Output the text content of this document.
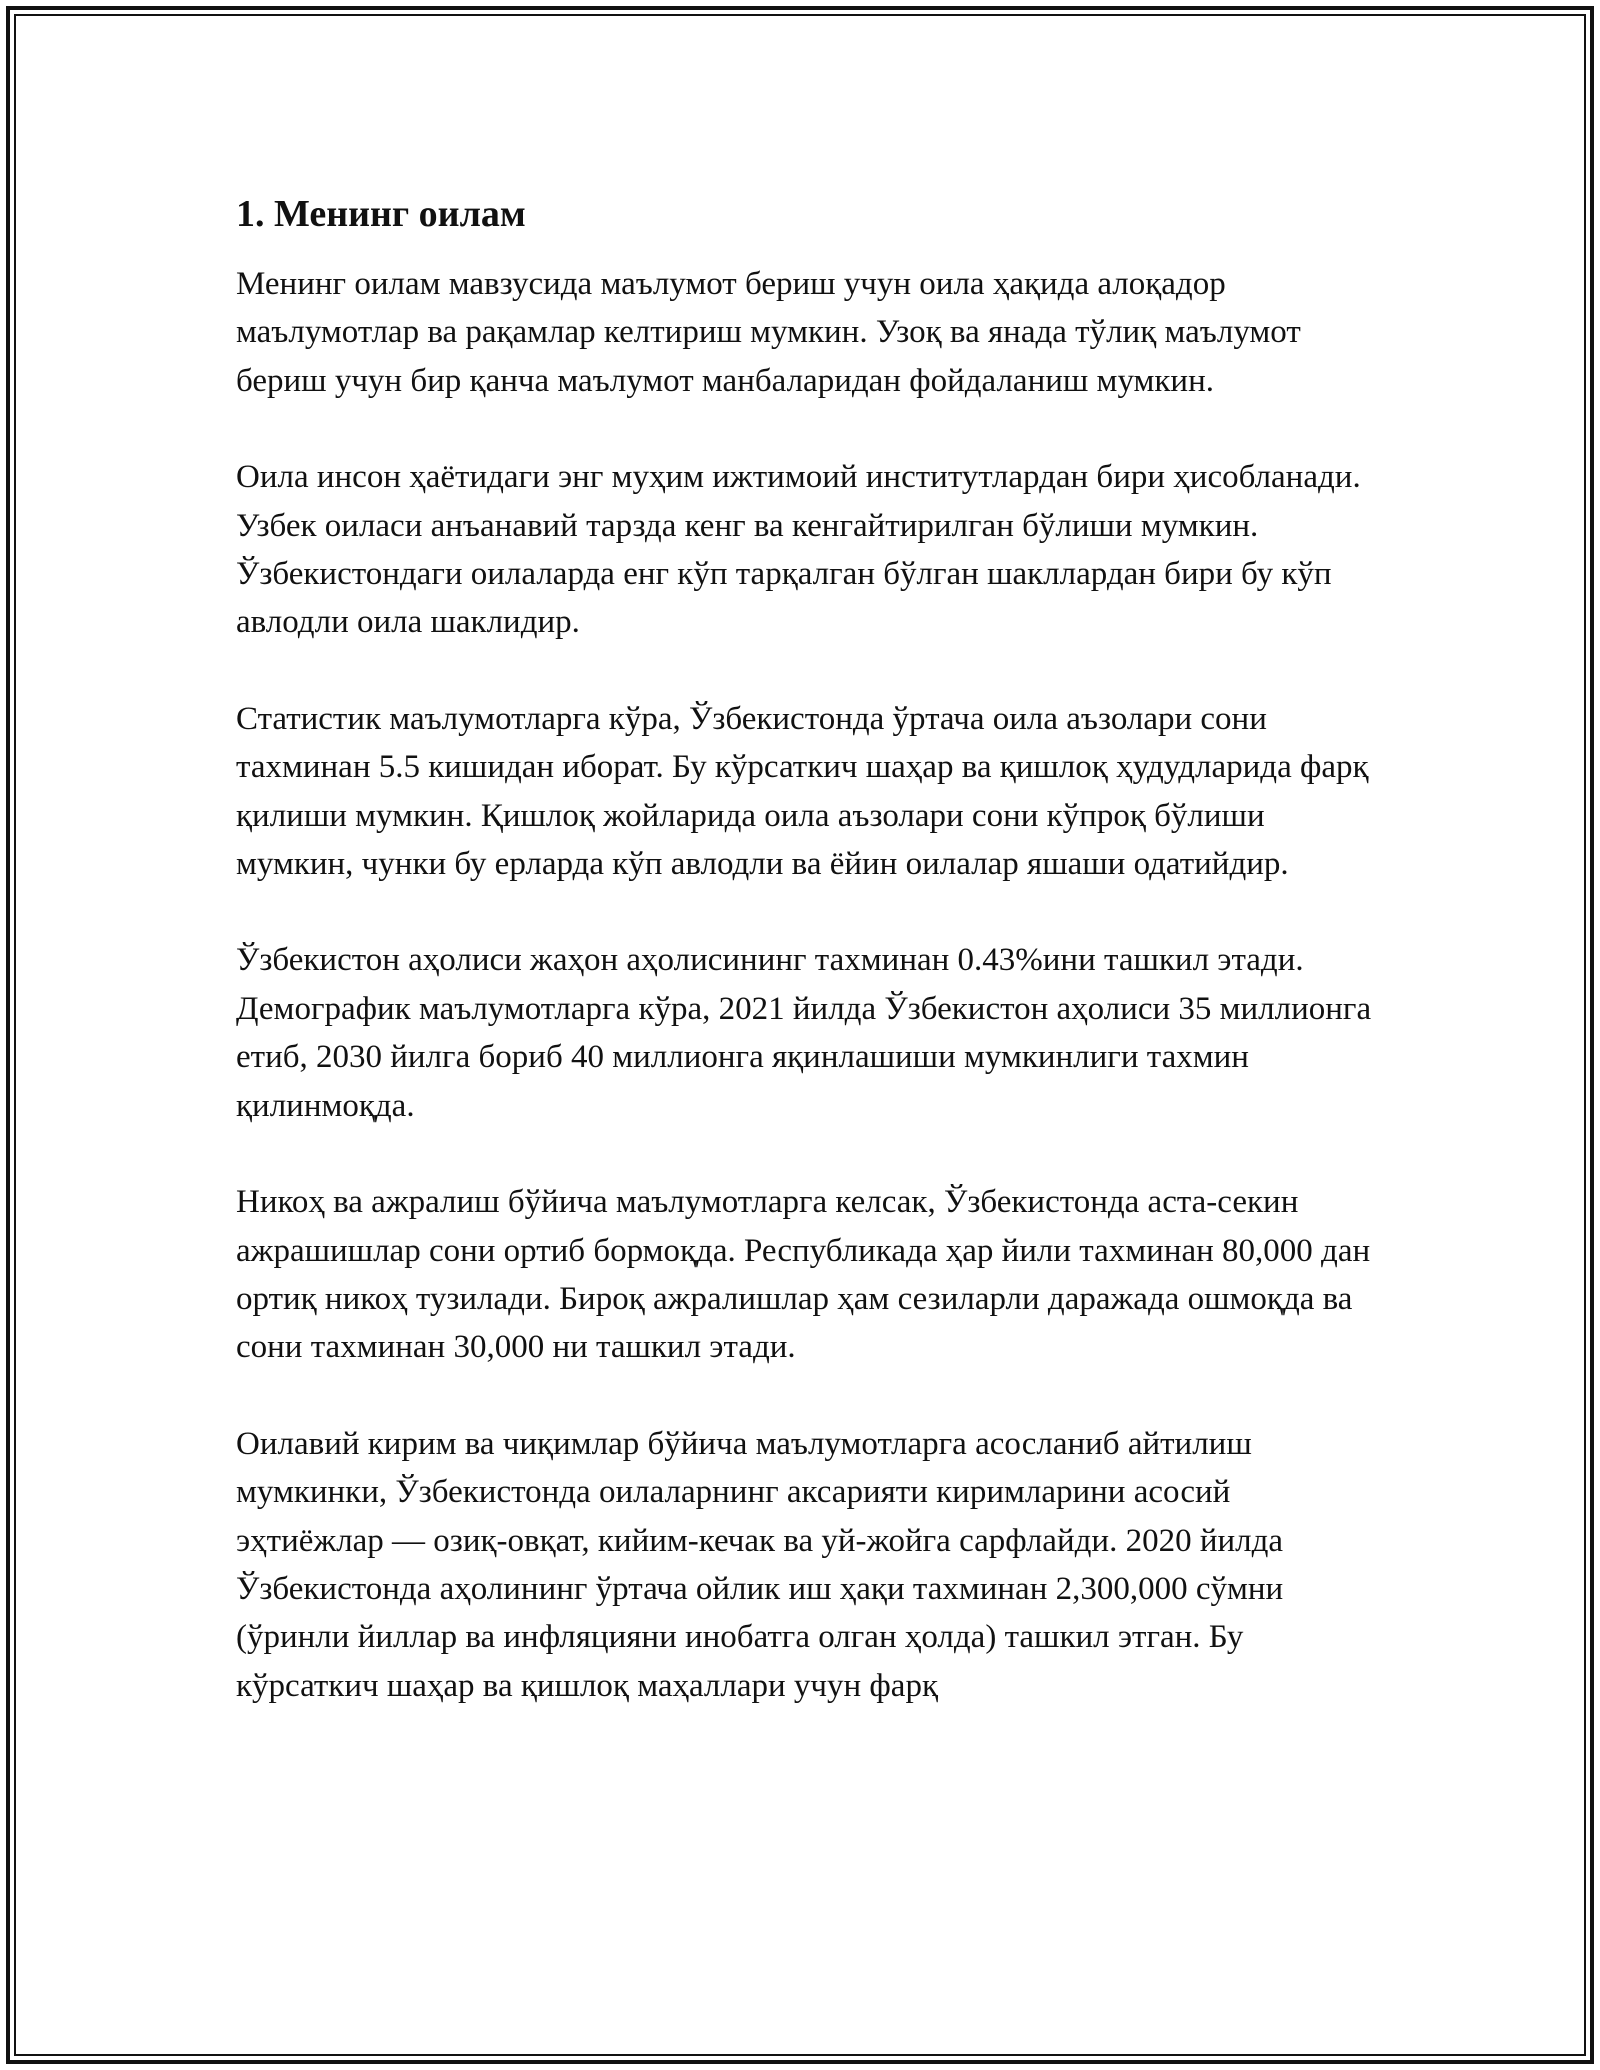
1. Менинг оилам

Менинг оилам мавзусида маълумот бериш учун оила ҳақида алоқадор маълумотлар ва рақамлар келтириш мумкин. Узоқ ва янада тўлиқ маълумот бериш учун бир қанча маълумот манбаларидан фойдаланиш мумкин.

Оила инсон ҳаётидаги энг муҳим ижтимоий институтлардан бири ҳисобланади. Узбек оиласи анъанавий тарзда кенг ва кенгайтирилган бўлиши мумкин. Ўзбекистондаги оилаларда енг кўп тарқалган бўлган шакллардан бири бу кўп авлодли оила шаклидир.

Статистик маълумотларга кўра, Ўзбекистонда ўртача оила аъзолари сони тахминан 5.5 кишидан иборат. Бу кўрсаткич шаҳар ва қишлоқ ҳудудларида фарқ қилиши мумкин. Қишлоқ жойларида оила аъзолари сони кўпроқ бўлиши мумкин, чунки бу ерларда кўп авлодли ва ёйин оилалар яшаши одатийдир.

Ўзбекистон аҳолиси жаҳон аҳолисининг тахминан 0.43%ини ташкил этади. Демографик маълумотларга кўра, 2021 йилда Ўзбекистон аҳолиси 35 миллионга етиб, 2030 йилга бориб 40 миллионга яқинлашиши мумкинлиги тахмин қилинмоқда.

Никоҳ ва ажралиш бўйича маълумотларга келсак, Ўзбекистонда аста-секин ажрашишлар сони ортиб бормоқда. Республикада ҳар йили тахминан 80,000 дан ортиқ никоҳ тузилади. Бироқ ажралишлар ҳам сезиларли даражада ошмоқда ва сони тахминан 30,000 ни ташкил этади.

Оилавий кирим ва чиқимлар бўйича маълумотларга асосланиб айтилиш мумкинки, Ўзбекистонда оилаларнинг аксарияти киримларини асосий эҳтиёжлар — озиқ-овқат, кийим-кечак ва уй-жойга сарфлайди. 2020 йилда Ўзбекистонда аҳолининг ўртача ойлик иш ҳақи тахминан 2,300,000 сўмни (ўринли йиллар ва инфляцияни инобатга олган ҳолда) ташкил этган. Бу кўрсаткич шаҳар ва қишлоқ маҳаллари учун фарқ
